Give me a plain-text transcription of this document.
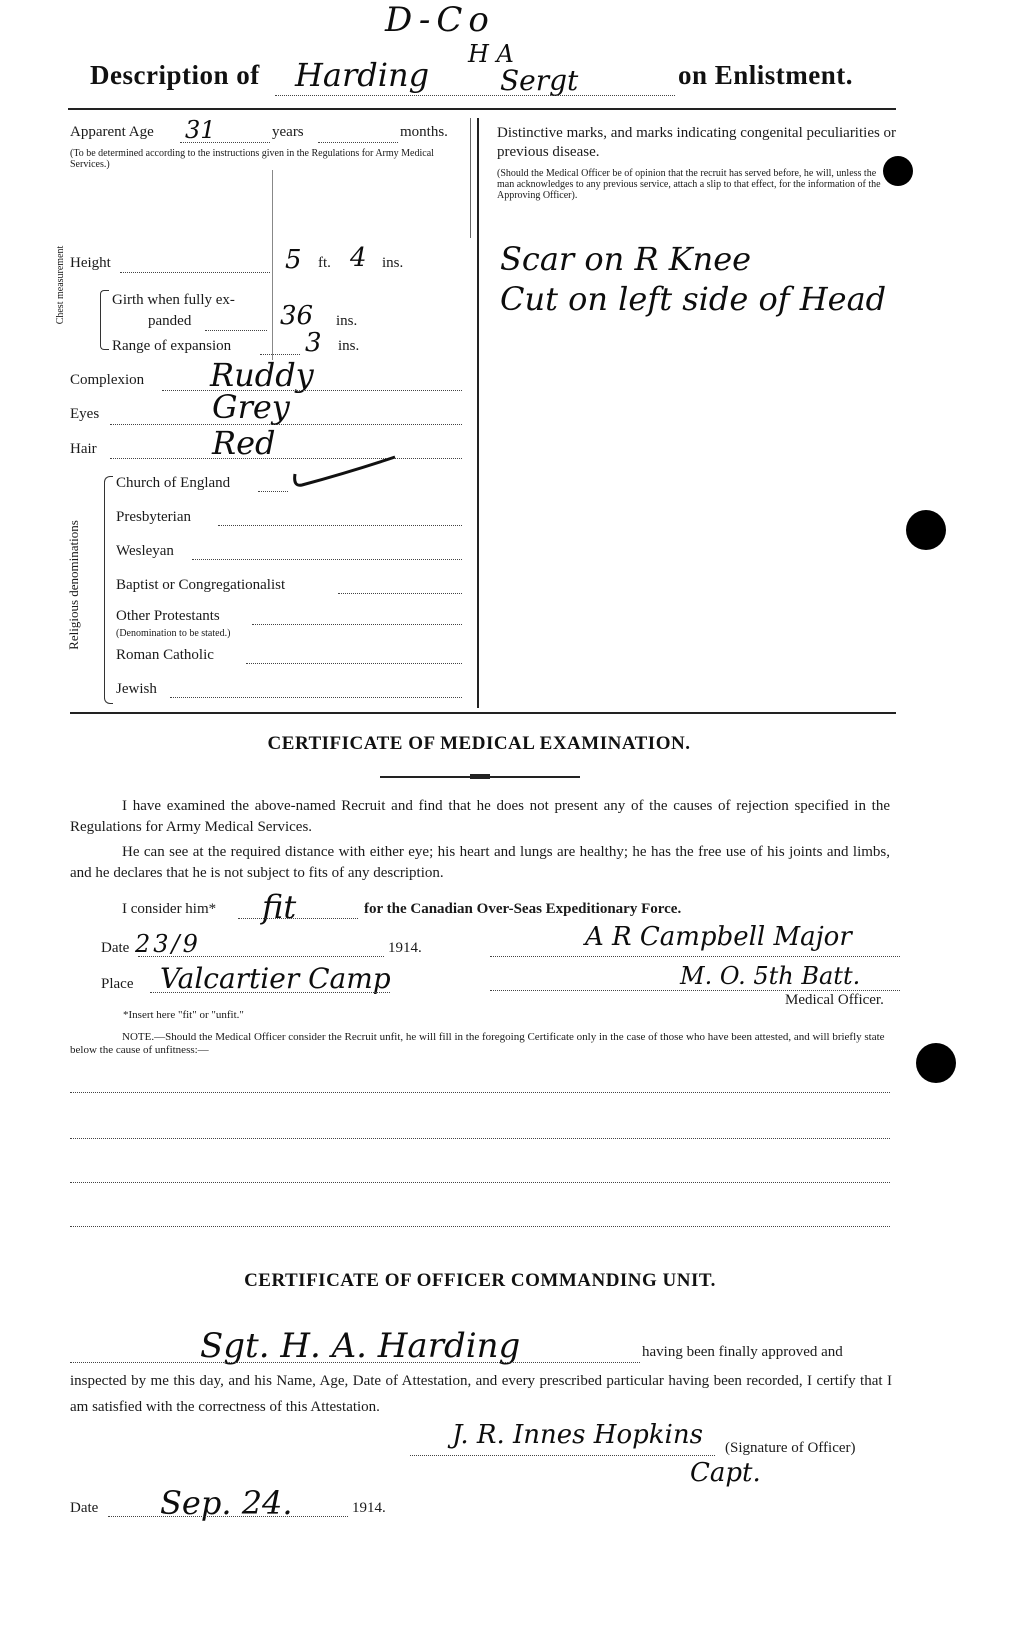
D-Co
Description of Harding
H A
Sergt	on Enlistment.
Apparent Age 31	years	months.
(To be determined according to the instructions given in the Regulations for Army Medical Services.)
Height	5 ft. 4 ins.
Chest measurement	Girth when fully ex-
panded	36 ins.
Range of expansion	3 ins.
Complexion Ruddy
Eyes	Grey
Hair	Red
Religious denominations
Church of England
Presbyterian
Wesleyan
Baptist or Congregationalist
Other Protestants
(Denomination to be stated.)
Roman Catholic
Jewish
Distinctive marks, and marks indicating congenital peculiarities or previous disease.
(Should the Medical Officer be of opinion that the recruit has served before, he will, unless the man acknowledges to any previous service, attach a slip to that effect, for the information of the Approving Officer).
Scar on R Knee
Cut on left side of Head
CERTIFICATE OF MEDICAL EXAMINATION.
I have examined the above-named Recruit and find that he does not present any of the causes of rejection specified in the Regulations for Army Medical Services.
He can see at the required distance with either eye; his heart and lungs are healthy; he has the free use of his joints and limbs, and he declares that he is not subject to fits of any description.
I consider him* fit	for the Canadian Over-Seas Expeditionary Force.
Date 23/9	1914.	A R Campbell Major
Place Valcartier Camp	M. O. 5th Batt.
Medical Officer.
*Insert here "fit" or "unfit."
NOTE.—Should the Medical Officer consider the Recruit unfit, he will fill in the foregoing Certificate only in the case of those who have been attested, and will briefly state below the cause of unfitness:—
CERTIFICATE OF OFFICER COMMANDING UNIT.
Sgt. H. A. Harding	having been finally approved and
inspected by me this day, and his Name, Age, Date of Attestation, and every prescribed particular having been recorded, I certify that I am satisfied with the correctness of this Attestation.
J. R. Innes Hopkins (Signature of Officer)
Capt.
Date Sep. 24.	1914.
